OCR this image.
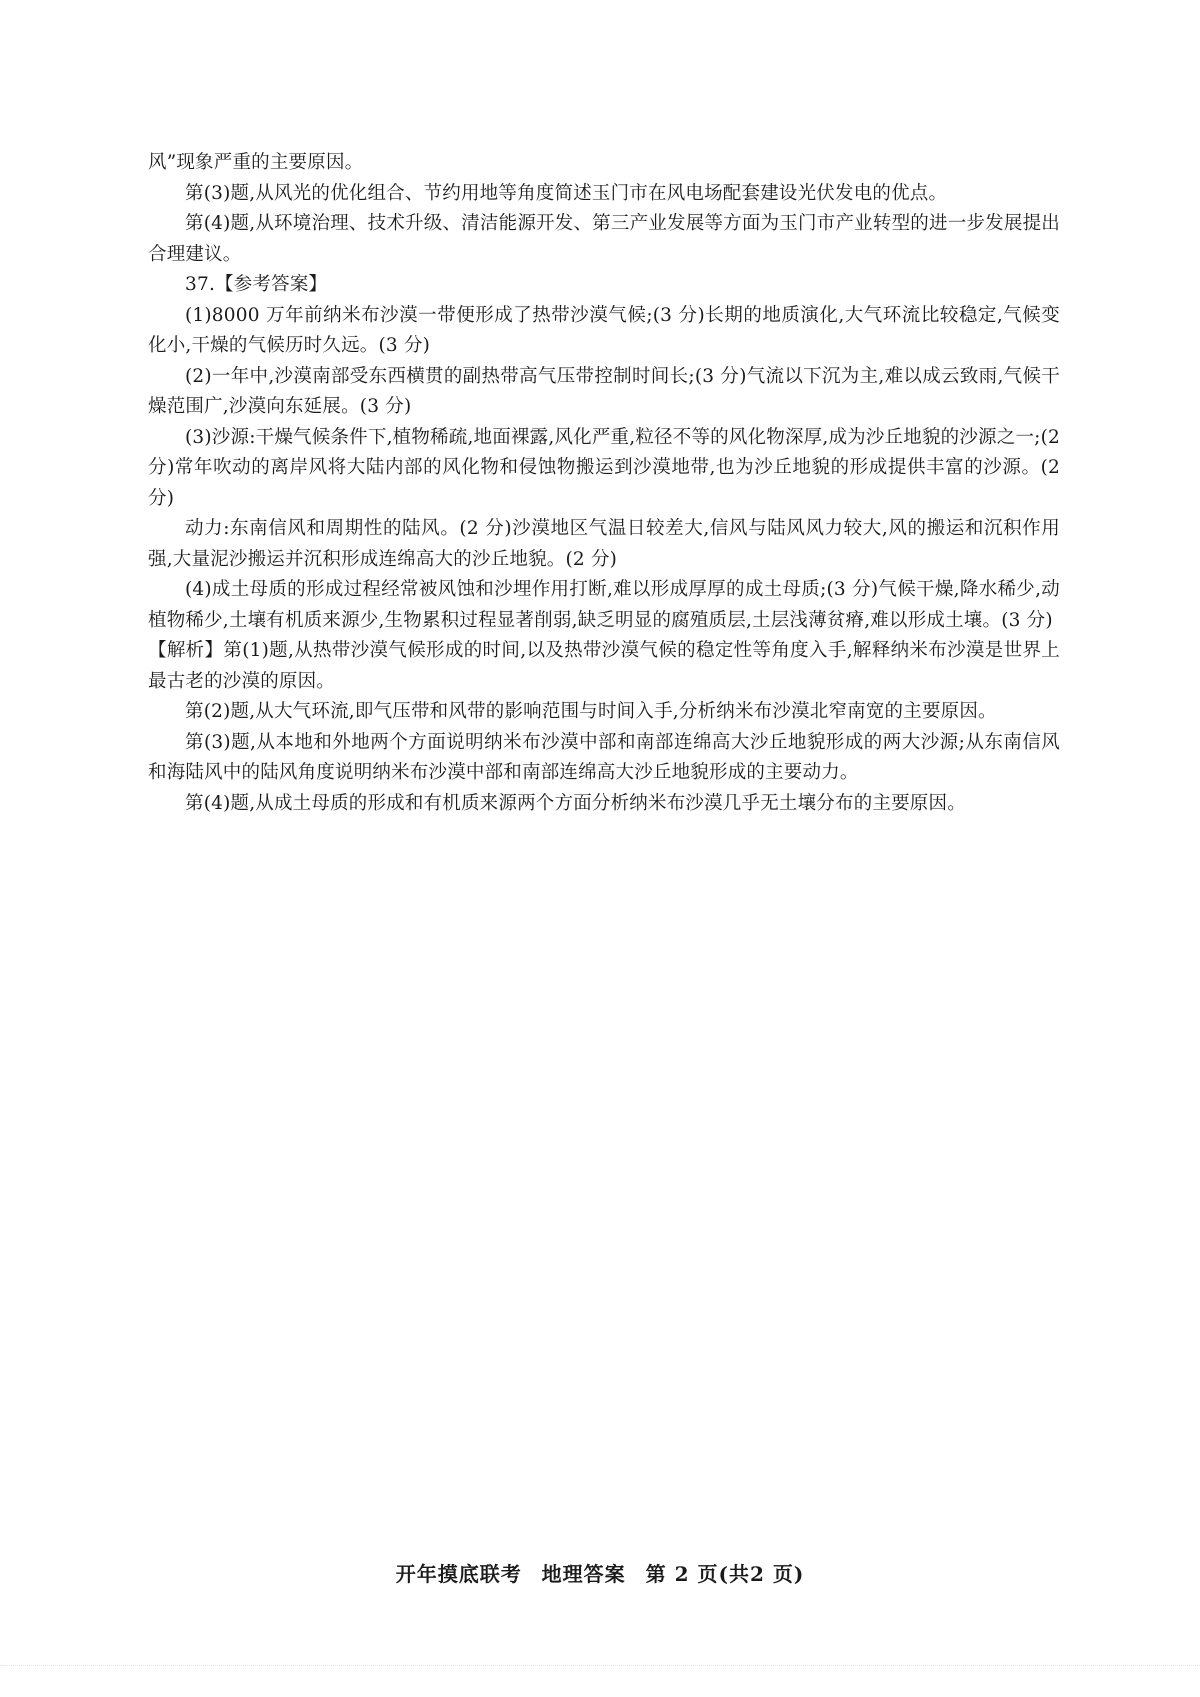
风”现象严重的主要原因。

第(3)题,从风光的优化组合、节约用地等角度简述玉门市在风电场配套建设光伏发电的优点。

第(4)题,从环境治理、技术升级、清洁能源开发、第三产业发展等方面为玉门市产业转型的进一步发展提出合理建议。

37.【参考答案】

(1)8000 万年前纳米布沙漠一带便形成了热带沙漠气候;(3 分)长期的地质演化,大气环流比较稳定,气候变化小,干燥的气候历时久远。(3 分)

(2)一年中,沙漠南部受东西横贯的副热带高气压带控制时间长;(3 分)气流以下沉为主,难以成云致雨,气候干燥范围广,沙漠向东延展。(3 分)

(3)沙源:干燥气候条件下,植物稀疏,地面裸露,风化严重,粒径不等的风化物深厚,成为沙丘地貌的沙源之一;(2 分)常年吹动的离岸风将大陆内部的风化物和侵蚀物搬运到沙漠地带,也为沙丘地貌的形成提供丰富的沙源。(2 分)

动力:东南信风和周期性的陆风。(2 分)沙漠地区气温日较差大,信风与陆风风力较大,风的搬运和沉积作用强,大量泥沙搬运并沉积形成连绵高大的沙丘地貌。(2 分)

(4)成土母质的形成过程经常被风蚀和沙埋作用打断,难以形成厚厚的成土母质;(3 分)气候干燥,降水稀少,动植物稀少,土壤有机质来源少,生物累积过程显著削弱,缺乏明显的腐殖质层,土层浅薄贫瘠,难以形成土壤。(3 分)

【解析】第(1)题,从热带沙漠气候形成的时间,以及热带沙漠气候的稳定性等角度入手,解释纳米布沙漠是世界上最古老的沙漠的原因。

第(2)题,从大气环流,即气压带和风带的影响范围与时间入手,分析纳米布沙漠北窄南宽的主要原因。

第(3)题,从本地和外地两个方面说明纳米布沙漠中部和南部连绵高大沙丘地貌形成的两大沙源;从东南信风和海陆风中的陆风角度说明纳米布沙漠中部和南部连绵高大沙丘地貌形成的主要动力。

第(4)题,从成土母质的形成和有机质来源两个方面分析纳米布沙漠几乎无土壤分布的主要原因。

开年摸底联考 地理答案 第 2 页(共2 页)
